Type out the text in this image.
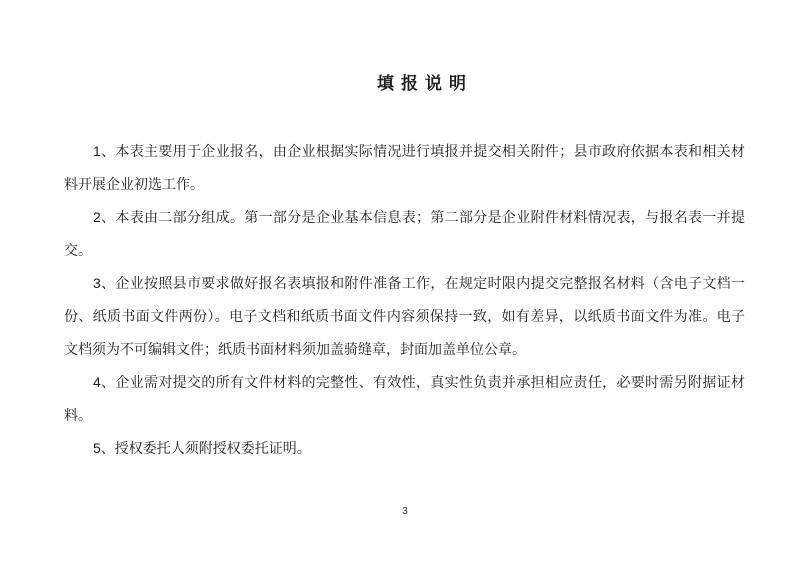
填报说明

1、本表主要用于企业报名，由企业根据实际情况进行填报并提交相关附件；县市政府依据本表和相关材
料开展企业初选工作。

2、本表由二部分组成。第一部分是企业基本信息表；第二部分是企业附件材料情况表，与报名表一并提
交。

3、企业按照县市要求做好报名表填报和附件准备工作，在规定时限内提交完整报名材料（含电子文档一
份、纸质书面文件两份）。电子文档和纸质书面文件内容须保持一致，如有差异，以纸质书面文件为准。电子
文档须为不可编辑文件；纸质书面材料须加盖骑缝章，封面加盖单位公章。

4、企业需对提交的所有文件材料的完整性、有效性，真实性负责并承担相应责任，必要时需另附据证材
料。

5、授权委托人须附授权委托证明。

3
